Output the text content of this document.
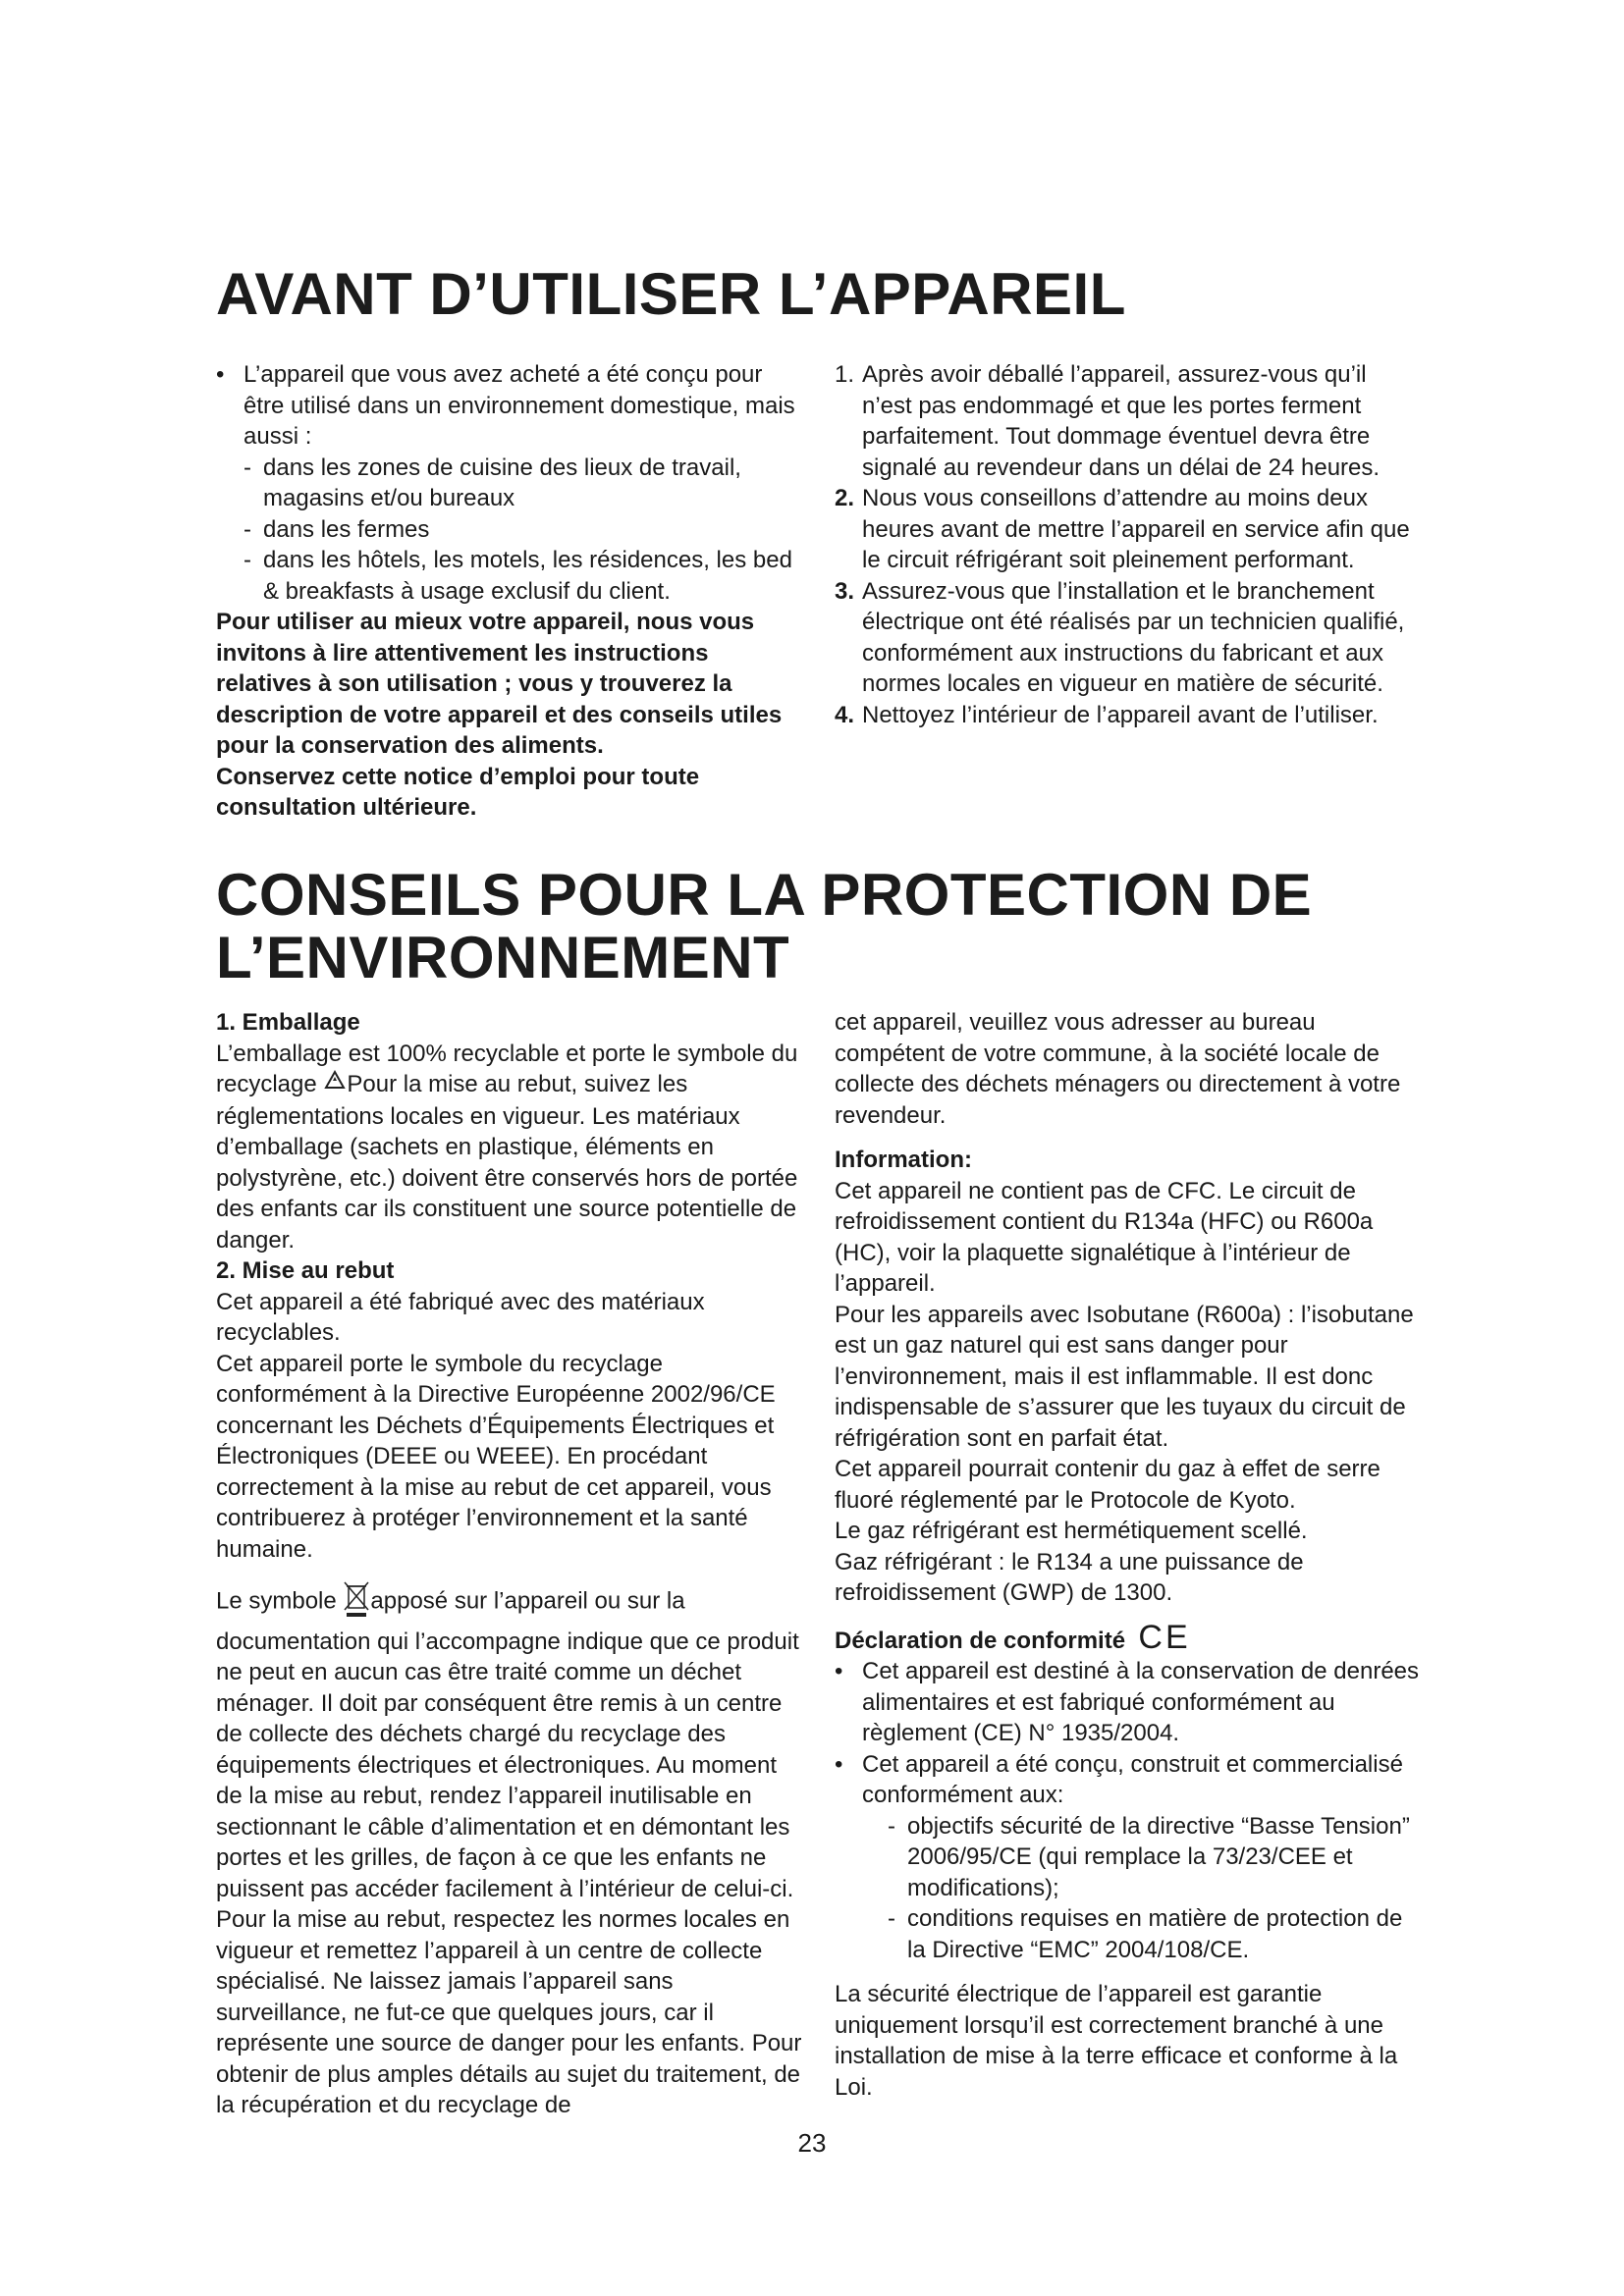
AVANT D’UTILISER L’APPAREIL

• L’appareil que vous avez acheté a été conçu pour être utilisé dans un environnement domestique, mais aussi :

- dans les zones de cuisine des lieux de travail, magasins et/ou bureaux

- dans les fermes

- dans les hôtels, les motels, les résidences, les bed & breakfasts à usage exclusif du client.

Pour utiliser au mieux votre appareil, nous vous invitons à lire attentivement les instructions relatives à son utilisation ; vous y trouverez la description de votre appareil et des conseils utiles pour la conservation des aliments.

Conservez cette notice d’emploi pour toute consultation ultérieure.

1. Après avoir déballé l’appareil, assurez-vous qu’il n’est pas endommagé et que les portes ferment parfaitement. Tout dommage éventuel devra être signalé au revendeur dans un délai de 24 heures.

2. Nous vous conseillons d’attendre au moins deux heures avant de mettre l’appareil en service afin que le circuit réfrigérant soit pleinement performant.

3. Assurez-vous que l’installation et le branchement électrique ont été réalisés par un technicien qualifié, conformément aux instructions du fabricant et aux normes locales en vigueur en matière de sécurité.

4. Nettoyez l’intérieur de l’appareil avant de l’utiliser.

CONSEILS POUR LA PROTECTION DE
L’ENVIRONNEMENT

1. Emballage

L’emballage est 100% recyclable et porte le symbole du recyclage Pour la mise au rebut, suivez les réglementations locales en vigueur. Les matériaux d’emballage (sachets en plastique, éléments en polystyrène, etc.) doivent être conservés hors de portée des enfants car ils constituent une source potentielle de danger.

2. Mise au rebut

Cet appareil a été fabriqué avec des matériaux recyclables.

Cet appareil porte le symbole du recyclage conformément à la Directive Européenne 2002/96/CE concernant les Déchets d’Équipements Électriques et Électroniques (DEEE ou WEEE). En procédant correctement à la mise au rebut de cet appareil, vous contribuerez à protéger l’environnement et la santé humaine.

Le symbole apposé sur l’appareil ou sur la documentation qui l’accompagne indique que ce produit ne peut en aucun cas être traité comme un déchet ménager. Il doit par conséquent être remis à un centre de collecte des déchets chargé du recyclage des équipements électriques et électroniques. Au moment de la mise au rebut, rendez l’appareil inutilisable en sectionnant le câble d’alimentation et en démontant les portes et les grilles, de façon à ce que les enfants ne puissent pas accéder facilement à l’intérieur de celui-ci. Pour la mise au rebut, respectez les normes locales en vigueur et remettez l’appareil à un centre de collecte spécialisé. Ne laissez jamais l’appareil sans surveillance, ne fut-ce que quelques jours, car il représente une source de danger pour les enfants. Pour obtenir de plus amples détails au sujet du traitement, de la récupération et du recyclage de

cet appareil, veuillez vous adresser au bureau compétent de votre commune, à la société locale de collecte des déchets ménagers ou directement à votre revendeur.

Information:

Cet appareil ne contient pas de CFC. Le circuit de refroidissement contient du R134a (HFC) ou R600a (HC), voir la plaquette signalétique à l’intérieur de l’appareil.

Pour les appareils avec Isobutane (R600a) : l’isobutane est un gaz naturel qui est sans danger pour l’environnement, mais il est inflammable. Il est donc indispensable de s’assurer que les tuyaux du circuit de réfrigération sont en parfait état.

Cet appareil pourrait contenir du gaz à effet de serre fluoré réglementé par le Protocole de Kyoto.

Le gaz réfrigérant est hermétiquement scellé.

Gaz réfrigérant : le R134 a une puissance de refroidissement (GWP) de 1300.

Déclaration de conformité CE

• Cet appareil est destiné à la conservation de denrées alimentaires et est fabriqué conformément au règlement (CE) N° 1935/2004.

• Cet appareil a été conçu, construit et commercialisé conformément aux:

- objectifs sécurité de la directive “Basse Tension” 2006/95/CE (qui remplace la 73/23/CEE et modifications);

- conditions requises en matière de protection de la Directive “EMC” 2004/108/CE.

La sécurité électrique de l’appareil est garantie uniquement lorsqu’il est correctement branché à une installation de mise à la terre efficace et conforme à la Loi.

23
